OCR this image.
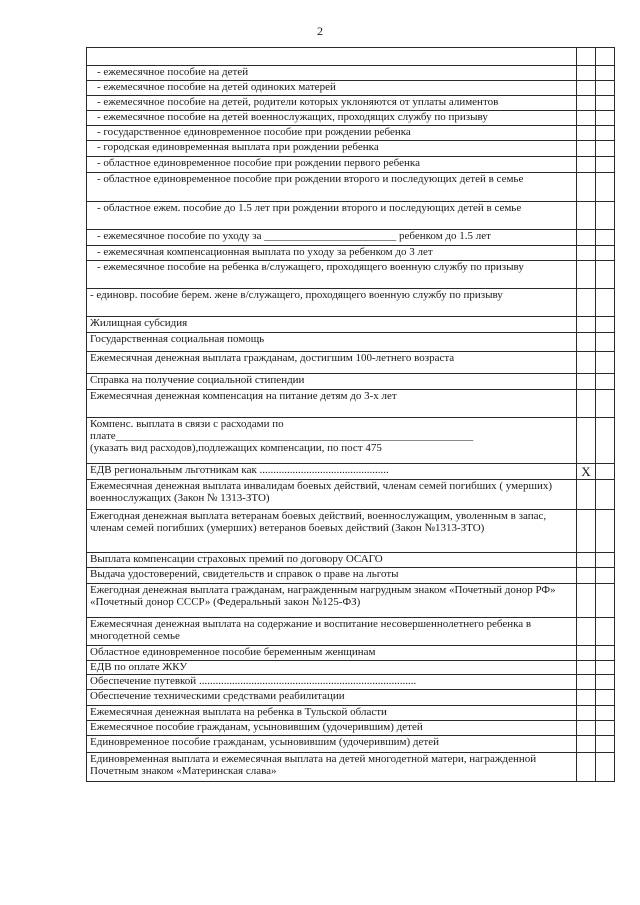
2

- ежемесячное пособие на детей		
- ежемесячное пособие на детей одиноких матерей		
- ежемесячное пособие на детей, родители которых уклоняются от уплаты алиментов		
- ежемесячное пособие на детей военнослужащих, проходящих службу по призыву		
- государственное единовременное пособие при рождении ребенка		
- городская единовременная выплата при рождении ребенка		
- областное единовременное пособие при рождении первого ребенка		
- областное единовременное пособие при рождении второго и последующих детей в семье		
- областное ежем. пособие до 1.5 лет при рождении второго и последующих детей в семье		
- ежемесячное пособие по уходу за ________________________ ребенком до 1.5 лет		
- ежемесячная компенсационная выплата по уходу за ребенком до 3 лет		
- ежемесячное пособие на ребенка в/служащего, проходящего военную службу по призыву		
- единовр. пособие берем. жене в/служащего, проходящего военную службу по призыву		
Жилищная субсидия		
Государственная социальная помощь		
Ежемесячная денежная выплата гражданам, достигшим 100-летнего возраста		
Справка на получение социальной стипендии		
Ежемесячная денежная компенсация на питание детям до 3-х лет		
Компенс. выплата в связи с расходами по
плате_________________________________________________________________
(указать вид расходов),подлежащих компенсации, по пост 475		
ЕДВ региональным льготникам как ...............................................	X	
Ежемесячная денежная выплата инвалидам боевых действий, членам семей погибших ( умерших) военнослужащих (Закон № 1313-ЗТО)		
Ежегодная денежная выплата ветеранам боевых действий, военнослужащим, уволенным в запас, членам семей погибших (умерших) ветеранов боевых действий (Закон №1313-ЗТО)		
Выплата компенсации страховых премий по договору ОСАГО		
Выдача удостоверений, свидетельств и справок о праве на льготы		
Ежегодная денежная выплата гражданам, награжденным нагрудным знаком «Почетный донор РФ» «Почетный донор СССР» (Федеральный закон №125-ФЗ)		
Ежемесячная денежная выплата на содержание и воспитание несовершеннолетнего ребенка в многодетной семье		
Областное единовременное пособие беременным женщинам		
ЕДВ по оплате ЖКУ		
Обеспечение путевкой ...............................................................................		
Обеспечение техническими средствами реабилитации		
Ежемесячная денежная выплата на ребенка в Тульской области		
Ежемесячное пособие гражданам, усыновившим (удочерившим) детей		
Единовременное пособие гражданам, усыновившим (удочерившим) детей		
Единовременная выплата и ежемесячная выплата на детей многодетной матери, награжденной Почетным знаком «Материнская слава»		
